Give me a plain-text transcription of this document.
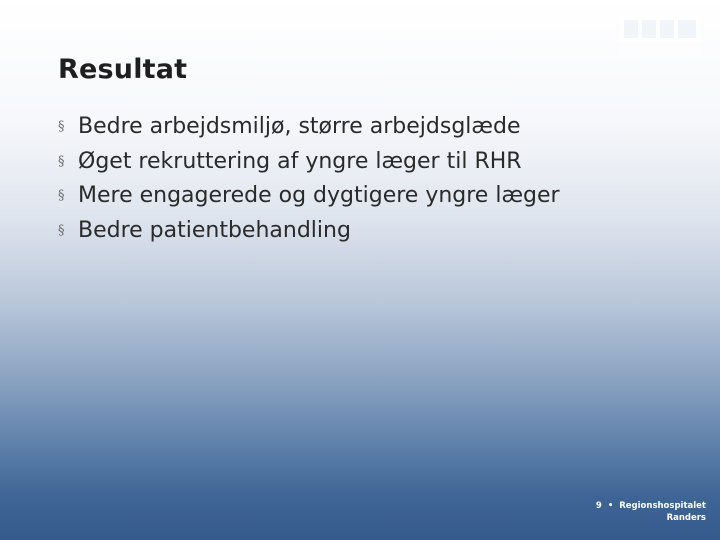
Resultat
§ Bedre arbejdsmiljø, større arbejdsglæde
§ Øget rekruttering af yngre læger til RHR
§ Mere engagerede og dygtigere yngre læger
§ Bedre patientbehandling
9 • Regionshospitalet
Randers
